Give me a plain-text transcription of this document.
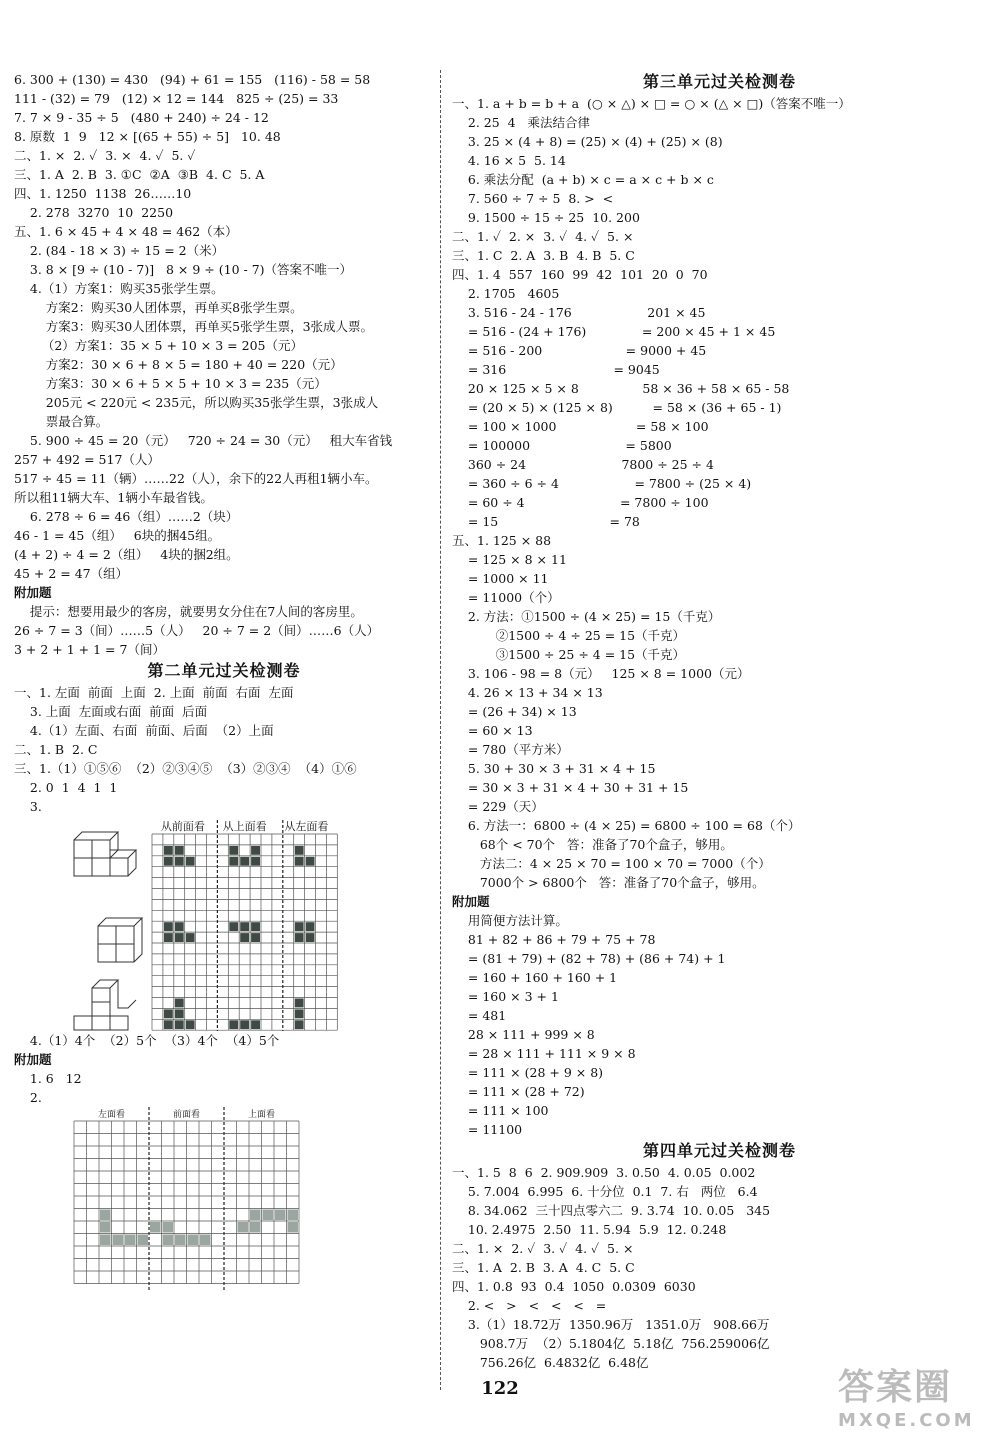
6. 300 + (130) = 430   (94) + 61 = 155   (116) - 58 = 58
111 - (32) = 79   (12) × 12 = 144   825 ÷ (25) = 33
7. 7 × 9 - 35 ÷ 5   (480 + 240) ÷ 24 - 12
8. 原数  1  9   12 × [(65 + 55) ÷ 5]   10. 48
二、1. ×  2. ✓  3. ×  4. ✓  5. ✓
三、1. A  2. B  3. ①C  ②A  ③B  4. C  5. A
四、1. 1250  1138  26……10
2. 278  3270  10  2250
五、1. 6 × 45 + 4 × 48 = 462（本）
2. (84 - 18 × 3) ÷ 15 = 2（米）
3. 8 × [9 ÷ (10 - 7)]   8 × 9 ÷ (10 - 7)（答案不唯一）
4.（1）方案1：购买35张学生票。
方案2：购买30人团体票，再单买8张学生票。
方案3：购买30人团体票，再单买5张学生票，3张成人票。
（2）方案1：35 × 5 + 10 × 3 = 205（元）
方案2：30 × 6 + 8 × 5 = 180 + 40 = 220（元）
方案3：30 × 6 + 5 × 5 + 10 × 3 = 235（元）
205元 < 220元 < 235元，所以购买35张学生票，3张成人
票最合算。
5. 900 ÷ 45 = 20（元）   720 ÷ 24 = 30（元）   租大车省钱
257 + 492 = 517（人）
517 ÷ 45 = 11（辆）……22（人），余下的22人再租1辆小车。
所以租11辆大车、1辆小车最省钱。
6. 278 ÷ 6 = 46（组）……2（块）
46 - 1 = 45（组）   6块的捆45组。
(4 + 2) ÷ 4 = 2（组）   4块的捆2组。
45 + 2 = 47（组）
附加题
提示：想要用最少的客房，就要男女分住在7人间的客房里。
26 ÷ 7 = 3（间）……5（人）   20 ÷ 7 = 2（间）……6（人）
3 + 2 + 1 + 1 = 7（间）
第二单元过关检测卷
一、1. 左面  前面  上面  2. 上面  前面  右面  左面
3. 上面  左面或右面  前面  后面
4.（1）左面、右面  前面、后面  （2）上面
二、1. B  2. C
三、1.（1）①⑤⑥  （2）②③④⑤  （3）②③④  （4）①⑥
2. 0  1  4  1  1
3.
从前面看 从上面看 从左面看
4.（1）4个  （2）5个  （3）4个  （4）5个
附加题
1. 6   12
2.
左面看	前面看	上面看
第三单元过关检测卷
一、1. a + b = b + a  (○ × △) × □ = ○ × (△ × □)（答案不唯一）
2. 25  4   乘法结合律
3. 25 × (4 + 8) = (25) × (4) + (25) × (8)
4. 16 × 5  5. 14
6. 乘法分配  (a + b) × c = a × c + b × c
7. 560 ÷ 7 ÷ 5  8. >  <
9. 1500 ÷ 15 ÷ 25  10. 200
二、1. ✓  2. ×  3. ✓  4. ✓  5. ×
三、1. C  2. A  3. B  4. B  5. C
四、1. 4  557  160  99  42  101  20  0  70
2. 1705   4605
3. 516 - 24 - 176                   201 × 45
= 516 - (24 + 176)              = 200 × 45 + 1 × 45
= 516 - 200                     = 9000 + 45
= 316                           = 9045
20 × 125 × 5 × 8                58 × 36 + 58 × 65 - 58
= (20 × 5) × (125 × 8)          = 58 × (36 + 65 - 1)
= 100 × 1000                    = 58 × 100
= 100000                        = 5800
360 ÷ 24                        7800 ÷ 25 ÷ 4
= 360 ÷ 6 ÷ 4                   = 7800 ÷ (25 × 4)
= 60 ÷ 4                        = 7800 ÷ 100
= 15                            = 78
五、1. 125 × 88
= 125 × 8 × 11
= 1000 × 11
= 11000（个）
2. 方法：①1500 ÷ (4 × 25) = 15（千克）
②1500 ÷ 4 ÷ 25 = 15（千克）
③1500 ÷ 25 ÷ 4 = 15（千克）
3. 106 - 98 = 8（元）   125 × 8 = 1000（元）
4. 26 × 13 + 34 × 13
= (26 + 34) × 13
= 60 × 13
= 780（平方米）
5. 30 + 30 × 3 + 31 × 4 + 15
= 30 × 3 + 31 × 4 + 30 + 31 + 15
= 229（天）
6. 方法一：6800 ÷ (4 × 25) = 6800 ÷ 100 = 68（个）
68个 < 70个   答：准备了70个盒子，够用。
方法二：4 × 25 × 70 = 100 × 70 = 7000（个）
7000个 > 6800个   答：准备了70个盒子，够用。
附加题
用简便方法计算。
81 + 82 + 86 + 79 + 75 + 78
= (81 + 79) + (82 + 78) + (86 + 74) + 1
= 160 + 160 + 160 + 1
= 160 × 3 + 1
= 481
28 × 111 + 999 × 8
= 28 × 111 + 111 × 9 × 8
= 111 × (28 + 9 × 8)
= 111 × (28 + 72)
= 111 × 100
= 11100
第四单元过关检测卷
一、1. 5  8  6  2. 909.909  3. 0.50  4. 0.05  0.002
5. 7.004  6.995  6. 十分位  0.1  7. 右   两位   6.4
8. 34.062  三十四点零六二  9. 3.74  10. 0.05   345
10. 2.4975  2.50  11. 5.94  5.9  12. 0.248
二、1. ×  2. ✓  3. ✓  4. ✓  5. ×
三、1. A  2. B  3. A  4. C  5. C
四、1. 0.8  93  0.4  1050  0.0309  6030
2. <   >   <   <   <   =
3.（1）18.72万  1350.96万   1351.0万   908.66万
908.7万  （2）5.1804亿  5.18亿  756.259006亿
756.26亿  6.4832亿  6.48亿
122	答案圈
MXQE.COM
